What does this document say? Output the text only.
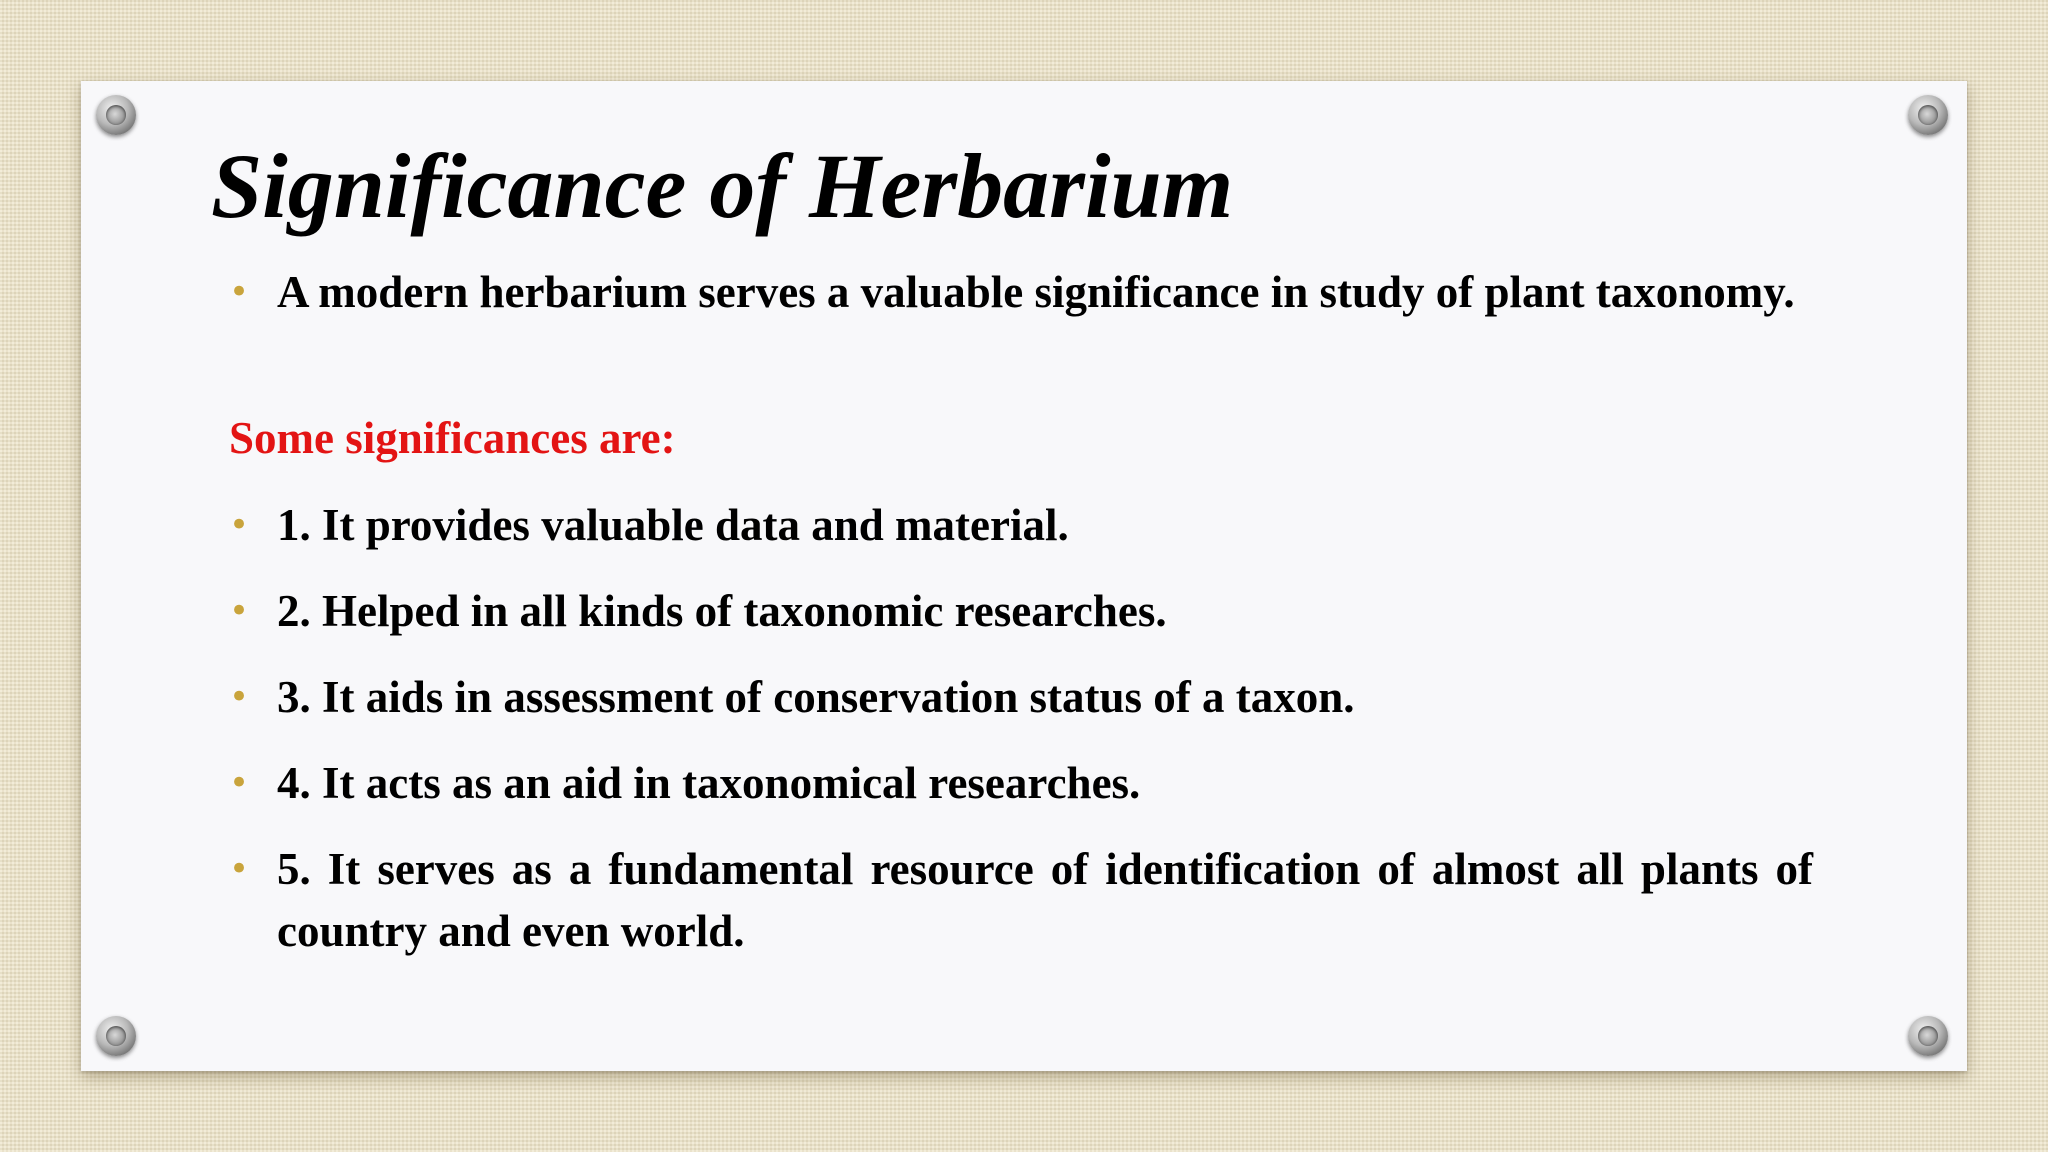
Significance of Herbarium
• A modern herbarium serves a valuable significance in study of plant taxonomy.
Some significances are:
• 1. It provides valuable data and material.
• 2. Helped in all kinds of taxonomic researches.
• 3. It aids in assessment of conservation status of a taxon.
• 4. It acts as an aid in taxonomical researches.
• 5. It serves as a fundamental resource of identification of almost all plants of country and even world.
